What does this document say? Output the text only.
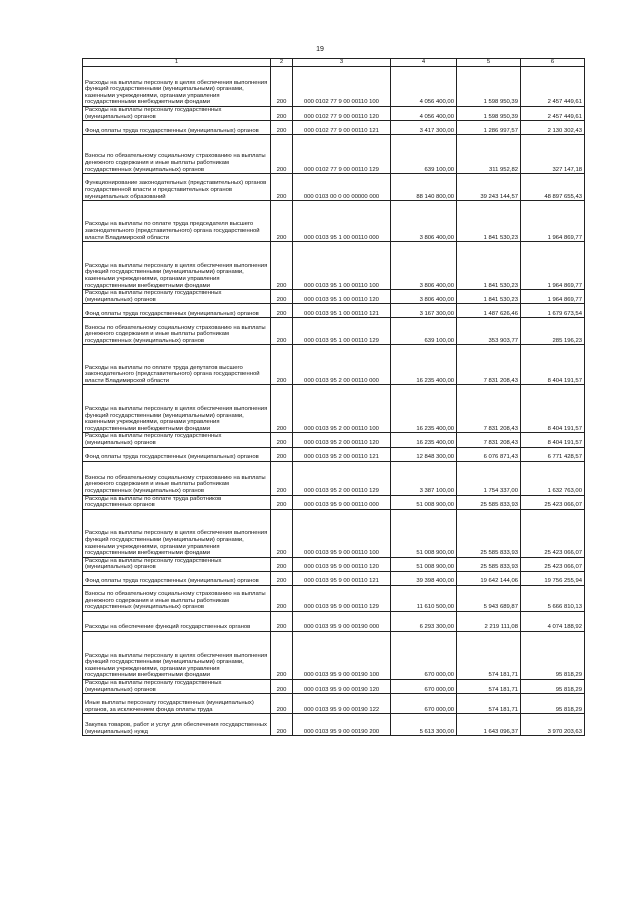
19
1	2	3	4	5	6
Расходы на выплаты персоналу в целях обеспечения выполнения функций государственными (муниципальными) органами, казенными учреждениями, органами управления государственными внебюджетными фондами	200	000 0102 77 9 00 00110 100	4 056 400,00	1 598 950,39	2 457 449,61
Расходы на выплаты персоналу государственных (муниципальных) органов	200	000 0102 77 9 00 00110 120	4 056 400,00	1 598 950,39	2 457 449,61
Фонд оплаты труда государственных (муниципальных) органов	200	000 0102 77 9 00 00110 121	3 417 300,00	1 286 997,57	2 130 302,43
Взносы по обязательному социальному страхованию на выплаты денежного содержания и иные выплаты работникам государственных (муниципальных) органов	200	000 0102 77 9 00 00110 129	639 100,00	311 952,82	327 147,18
Функционирование законодательных (представительных) органов государственной власти и представительных органов муниципальных образований	200	000 0103 00 0 00 00000 000	88 140 800,00	39 243 144,57	48 897 655,43
Расходы на выплаты по оплате труда председателя высшего законодательного (представительного) органа государственной власти Владимирской области	200	000 0103 95 1 00 00110 000	3 806 400,00	1 841 530,23	1 964 869,77
Расходы на выплаты персоналу в целях обеспечения выполнения функций государственными (муниципальными) органами, казенными учреждениями, органами управления государственными внебюджетными фондами	200	000 0103 95 1 00 00110 100	3 806 400,00	1 841 530,23	1 964 869,77
Расходы на выплаты персоналу государственных (муниципальных) органов	200	000 0103 95 1 00 00110 120	3 806 400,00	1 841 530,23	1 964 869,77
Фонд оплаты труда государственных (муниципальных) органов	200	000 0103 95 1 00 00110 121	3 167 300,00	1 487 626,46	1 679 673,54
Взносы по обязательному социальному страхованию на выплаты денежного содержания и иные выплаты работникам государственных (муниципальных) органов	200	000 0103 95 1 00 00110 129	639 100,00	353 903,77	285 196,23
Расходы на выплаты по оплате труда депутатов высшего законодательного (представительного) органа государственной власти Владимирской области	200	000 0103 95 2 00 00110 000	16 235 400,00	7 831 208,43	8 404 191,57
Расходы на выплаты персоналу в целях обеспечения выполнения функций государственными (муниципальными) органами, казенными учреждениями, органами управления государственными внебюджетными фондами	200	000 0103 95 2 00 00110 100	16 235 400,00	7 831 208,43	8 404 191,57
Расходы на выплаты персоналу государственных (муниципальных) органов	200	000 0103 95 2 00 00110 120	16 235 400,00	7 831 208,43	8 404 191,57
Фонд оплаты труда государственных (муниципальных) органов	200	000 0103 95 2 00 00110 121	12 848 300,00	6 076 871,43	6 771 428,57
Взносы по обязательному социальному страхованию на выплаты денежного содержания и иные выплаты работникам государственных (муниципальных) органов	200	000 0103 95 2 00 00110 129	3 387 100,00	1 754 337,00	1 632 763,00
Расходы на выплаты по оплате труда работников государственных органов	200	000 0103 95 9 00 00110 000	51 008 900,00	25 585 833,93	25 423 066,07
Расходы на выплаты персоналу в целях обеспечения выполнения функций государственными (муниципальными) органами, казенными учреждениями, органами управления государственными внебюджетными фондами	200	000 0103 95 9 00 00110 100	51 008 900,00	25 585 833,93	25 423 066,07
Расходы на выплаты персоналу государственных (муниципальных) органов	200	000 0103 95 9 00 00110 120	51 008 900,00	25 585 833,93	25 423 066,07
Фонд оплаты труда государственных (муниципальных) органов	200	000 0103 95 9 00 00110 121	39 398 400,00	19 642 144,06	19 756 255,94
Взносы по обязательному социальному страхованию на выплаты денежного содержания и иные выплаты работникам государственных (муниципальных) органов	200	000 0103 95 9 00 00110 129	11 610 500,00	5 943 689,87	5 666 810,13
Расходы на обеспечение функций государственных органов	200	000 0103 95 9 00 00190 000	6 293 300,00	2 219 111,08	4 074 188,92
Расходы на выплаты персоналу в целях обеспечения выполнения функций государственными (муниципальными) органами, казенными учреждениями, органами управления государственными внебюджетными фондами	200	000 0103 95 9 00 00190 100	670 000,00	574 181,71	95 818,29
Расходы на выплаты персоналу государственных (муниципальных) органов	200	000 0103 95 9 00 00190 120	670 000,00	574 181,71	95 818,29
Иные выплаты персоналу государственных (муниципальных) органов, за исключением фонда оплаты труда	200	000 0103 95 9 00 00190 122	670 000,00	574 181,71	95 818,29
Закупка товаров, работ и услуг для обеспечения государственных (муниципальных) нужд	200	000 0103 95 9 00 00190 200	5 613 300,00	1 643 096,37	3 970 203,63
